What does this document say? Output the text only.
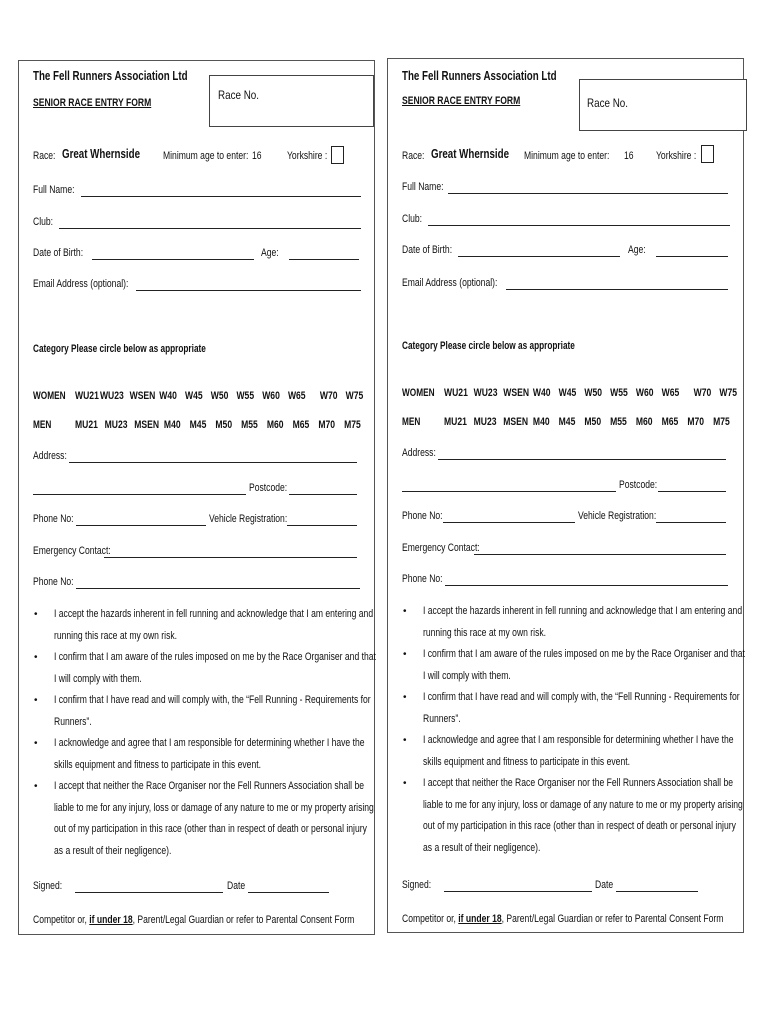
The Fell Runners Association Ltd
SENIOR RACE ENTRY FORM
Race No.
Race: Great Whernside Minimum age to enter: 16 Yorkshire :
Full Name:
Club:
Date of Birth:	Age:
Email Address (optional):
Category Please circle below as appropriate
WOMEN WU21 WU23 WSEN W40 W45 W50 W55 W60 W65	W70 W75
MEN MU21 MU23 MSEN M40 M45 M50 M55 M60 M65 M70 M75
Address:
Postcode:
Phone No:	Vehicle Registration:
Emergency Contact:
Phone No:
• I accept the hazards inherent in fell running and acknowledge that I am entering and running this race at my own risk.
• I confirm that I am aware of the rules imposed on me by the Race Organiser and that I will comply with them.
• I confirm that I have read and will comply with, the “Fell Running - Requirements for Runners”.
• I acknowledge and agree that I am responsible for determining whether I have the skills equipment and fitness to participate in this event.
• I accept that neither the Race Organiser nor the Fell Runners Association shall be liable to me for any injury, loss or damage of any nature to me or my property arising out of my participation in this race (other than in respect of death or personal injury as a result of their negligence).
Signed:	Date
Competitor or, if under 18, Parent/Legal Guardian or refer to Parental Consent Form
The Fell Runners Association Ltd
SENIOR RACE ENTRY FORM	Race No.
Race: Great Whernside Minimum age to enter: 16 Yorkshire :
Full Name:
Club:
Date of Birth:	Age:
Email Address (optional):
Category Please circle below as appropriate
WOMEN WU21 WU23 WSEN W40 W45 W50 W55 W60 W65	W70 W75
MEN MU21 MU23 MSEN M40 M45 M50 M55 M60 M65 M70 M75
Address:
Postcode:
Phone No:	Vehicle Registration:
Emergency Contact:
Phone No:
• I accept the hazards inherent in fell running and acknowledge that I am entering and running this race at my own risk.
• I confirm that I am aware of the rules imposed on me by the Race Organiser and that I will comply with them.
• I confirm that I have read and will comply with, the “Fell Running - Requirements for Runners”.
• I acknowledge and agree that I am responsible for determining whether I have the skills equipment and fitness to participate in this event.
• I accept that neither the Race Organiser nor the Fell Runners Association shall be liable to me for any injury, loss or damage of any nature to me or my property arising out of my participation in this race (other than in respect of death or personal injury as a result of their negligence).
Signed:	Date
Competitor or, if under 18, Parent/Legal Guardian or refer to Parental Consent Form
